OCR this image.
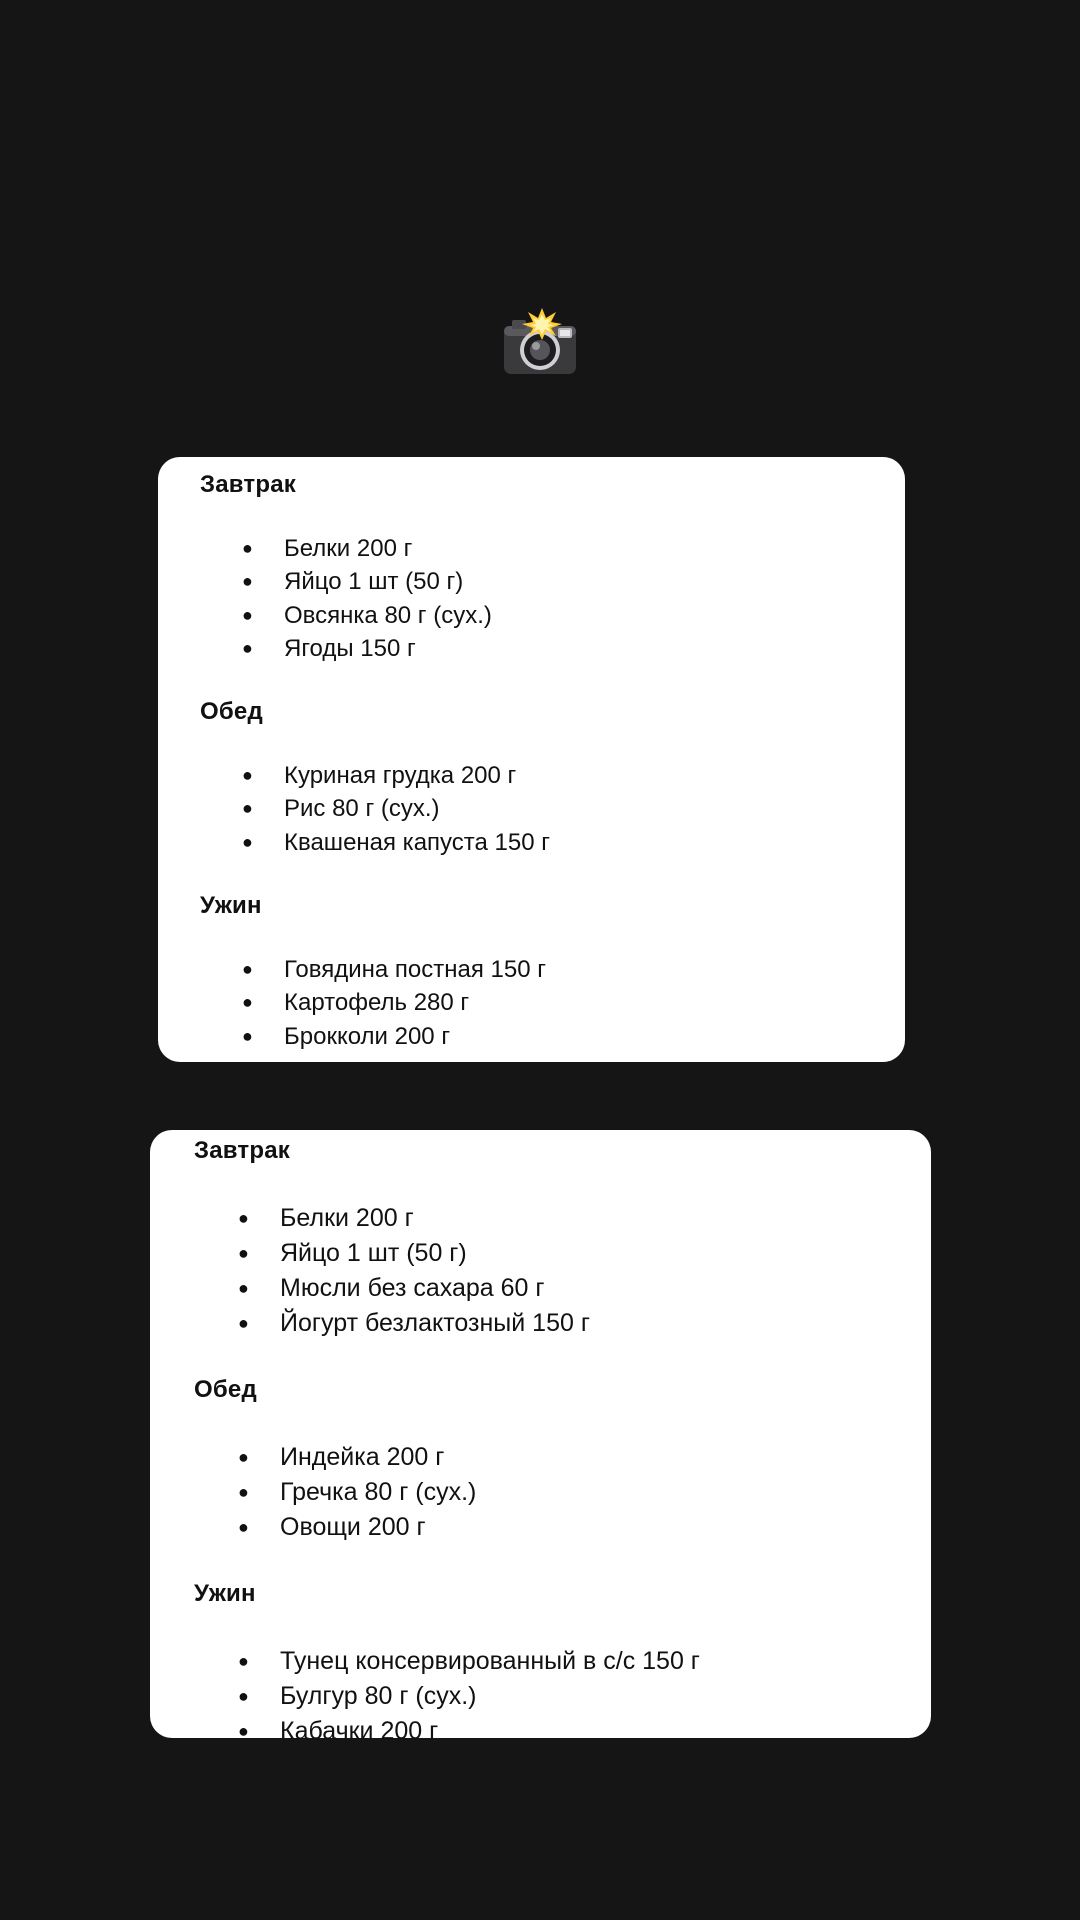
Завтрак
● Белки 200 г
● Яйцо 1 шт (50 г)
● Овсянка 80 г (сух.)
● Ягоды 150 г
Обед
● Куриная грудка 200 г
● Рис 80 г (сух.)
● Квашеная капуста 150 г
Ужин
● Говядина постная 150 г
● Картофель 280 г
● Брокколи 200 г
Завтрак
● Белки 200 г
● Яйцо 1 шт (50 г)
● Мюсли без сахара 60 г
● Йогурт безлактозный 150 г
Обед
● Индейка 200 г
● Гречка 80 г (сух.)
● Овощи 200 г
Ужин
● Тунец консервированный в с/с 150 г
● Булгур 80 г (сух.)
● Кабачки 200 г
